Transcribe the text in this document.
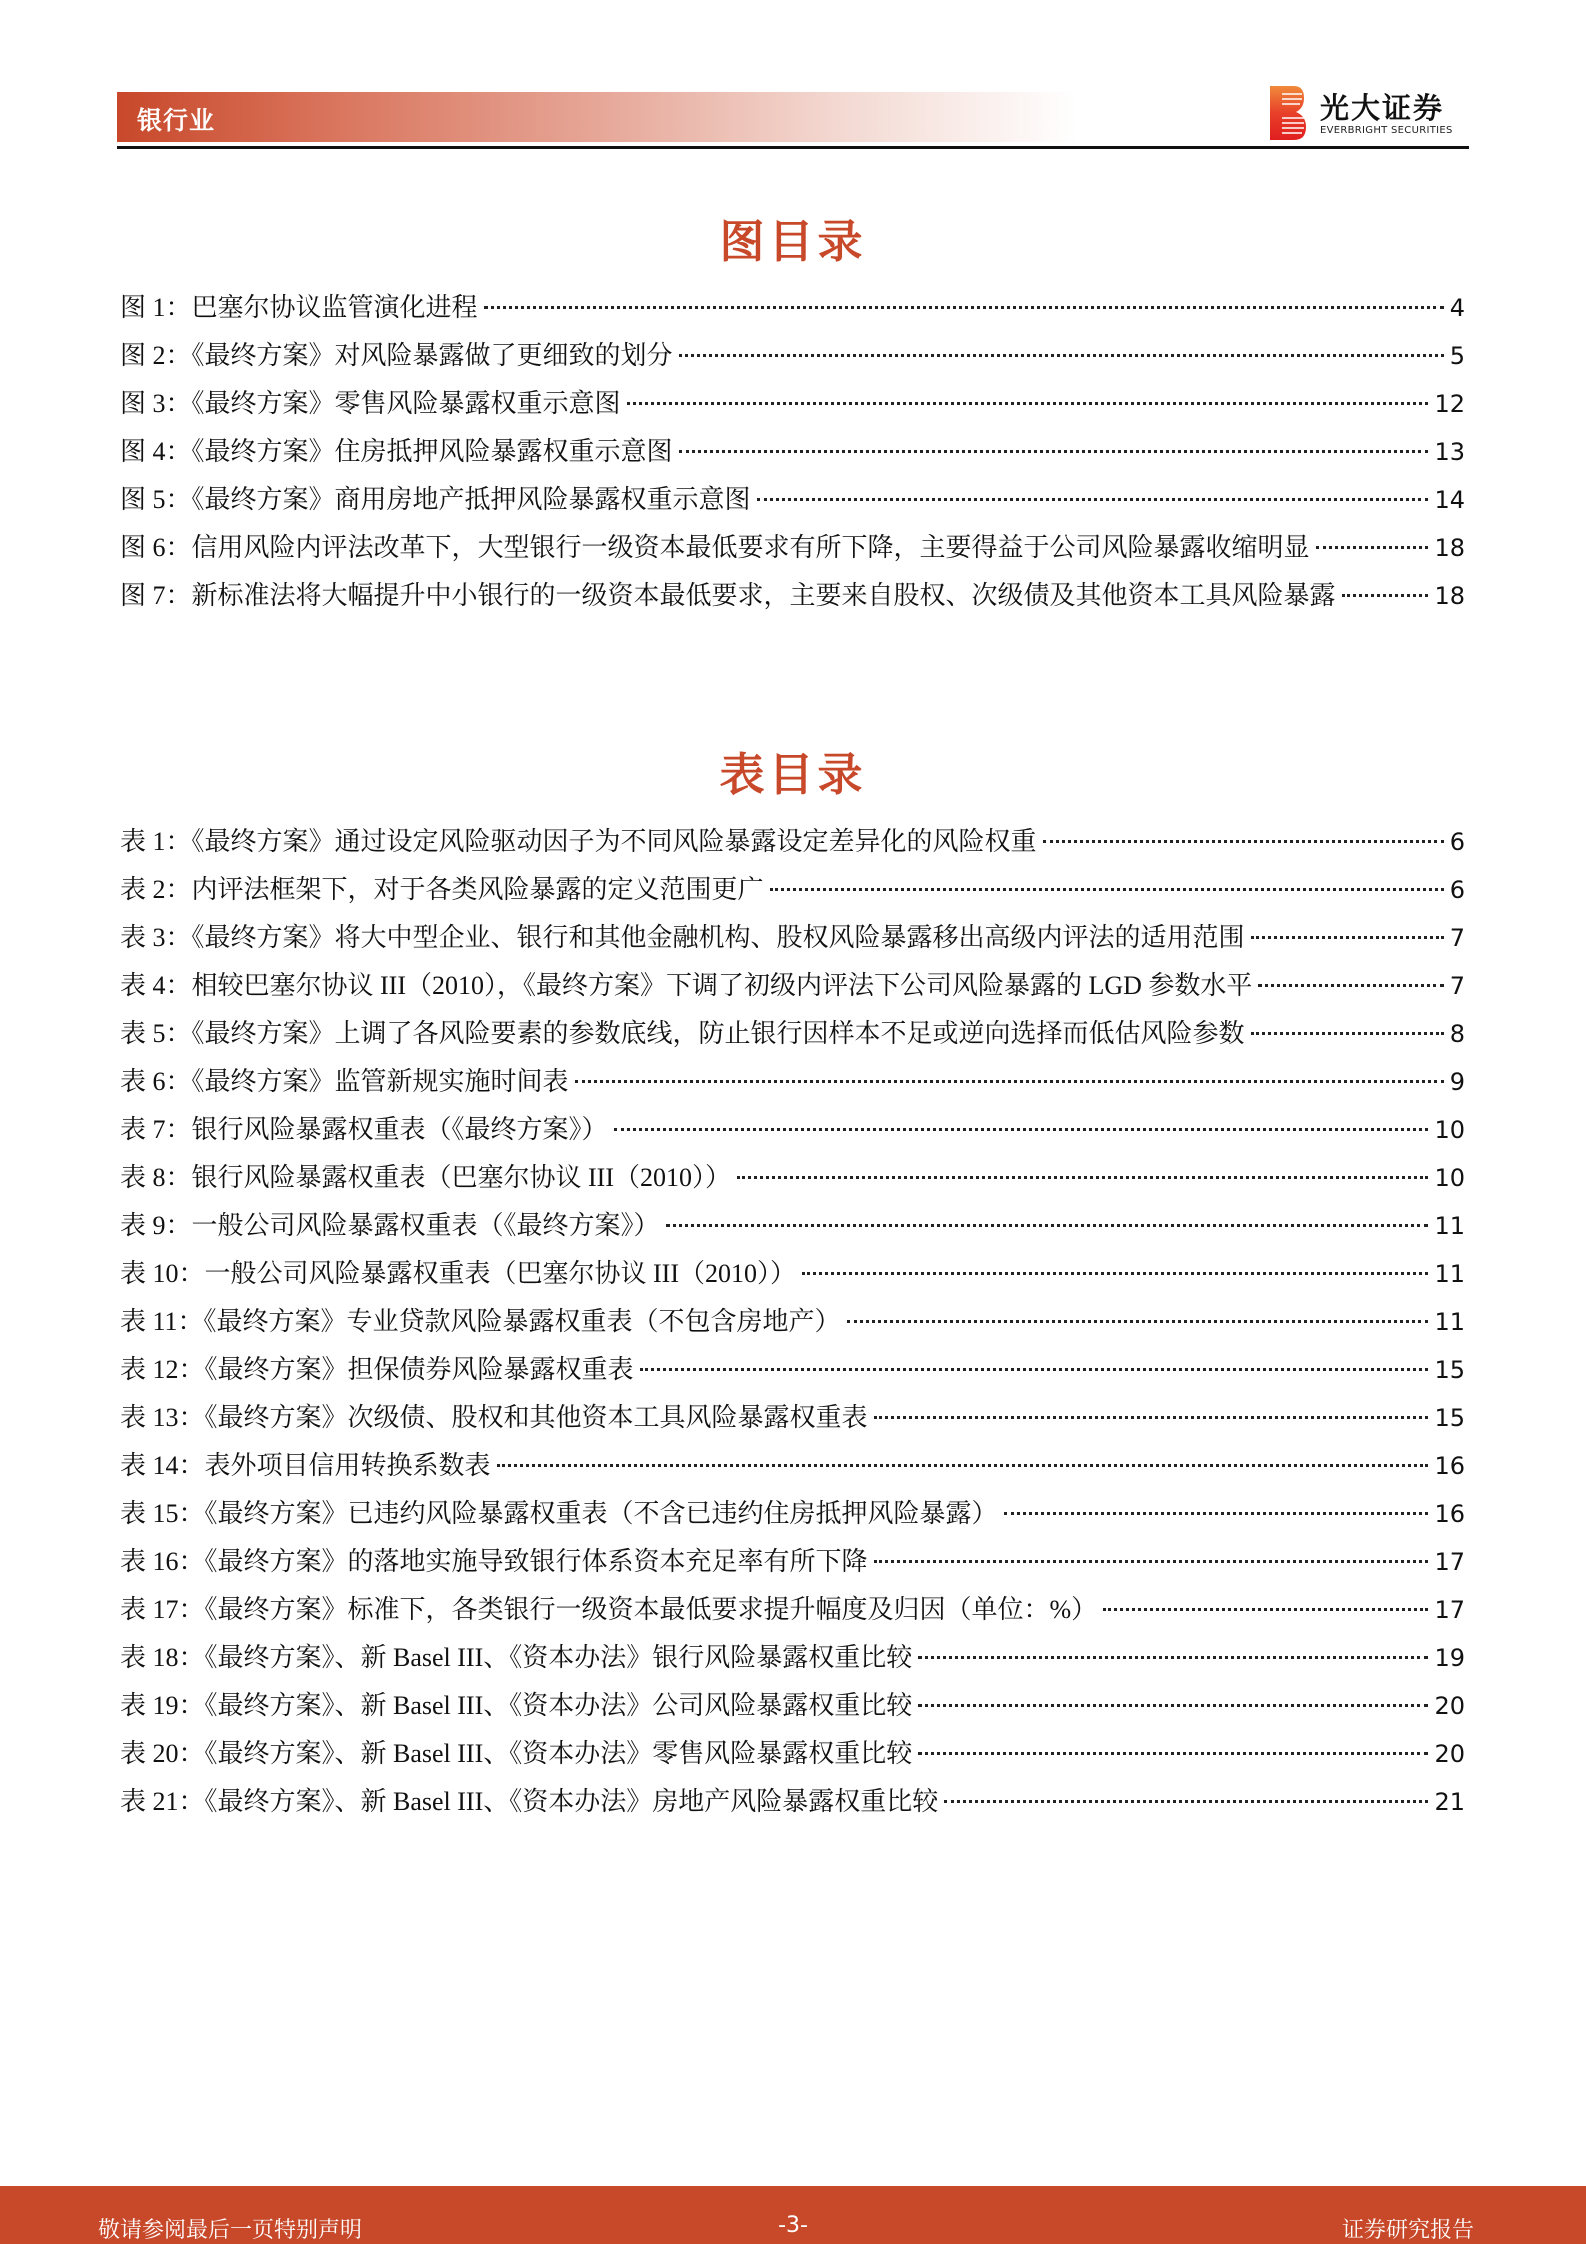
银行业	光大证券
EVERBRIGHT SECURITIES
图目录
图 1：巴塞尔协议监管演化进程	4
图 2：《最终方案》对风险暴露做了更细致的划分	5
图 3：《最终方案》零售风险暴露权重示意图	12
图 4：《最终方案》住房抵押风险暴露权重示意图	13
图 5：《最终方案》商用房地产抵押风险暴露权重示意图	14
图 6：信用风险内评法改革下，大型银行一级资本最低要求有所下降，主要得益于公司风险暴露收缩明显	18
图 7：新标准法将大幅提升中小银行的一级资本最低要求，主要来自股权、次级债及其他资本工具风险暴露	18
表目录
表 1：《最终方案》通过设定风险驱动因子为不同风险暴露设定差异化的风险权重	6
表 2：内评法框架下，对于各类风险暴露的定义范围更广	6
表 3：《最终方案》将大中型企业、银行和其他金融机构、股权风险暴露移出高级内评法的适用范围	7
表 4：相较巴塞尔协议 III（2010），《最终方案》下调了初级内评法下公司风险暴露的 LGD 参数水平	7
表 5：《最终方案》上调了各风险要素的参数底线，防止银行因样本不足或逆向选择而低估风险参数	8
表 6：《最终方案》监管新规实施时间表	9
表 7：银行风险暴露权重表（《最终方案》）	10
表 8：银行风险暴露权重表（巴塞尔协议 III（2010））	10
表 9：一般公司风险暴露权重表（《最终方案》）	11
表 10：一般公司风险暴露权重表（巴塞尔协议 III（2010））	11
表 11：《最终方案》专业贷款风险暴露权重表（不包含房地产）	11
表 12：《最终方案》担保债券风险暴露权重表	15
表 13：《最终方案》次级债、股权和其他资本工具风险暴露权重表	15
表 14：表外项目信用转换系数表	16
表 15：《最终方案》已违约风险暴露权重表（不含已违约住房抵押风险暴露）	16
表 16：《最终方案》的落地实施导致银行体系资本充足率有所下降	17
表 17：《最终方案》标准下，各类银行一级资本最低要求提升幅度及归因（单位：%）	17
表 18：《最终方案》、新 Basel III、《资本办法》银行风险暴露权重比较	19
表 19：《最终方案》、新 Basel III、《资本办法》公司风险暴露权重比较	20
表 20：《最终方案》、新 Basel III、《资本办法》零售风险暴露权重比较	20
表 21：《最终方案》、新 Basel III、《资本办法》房地产风险暴露权重比较	21
敬请参阅最后一页特别声明	-3-	证券研究报告
